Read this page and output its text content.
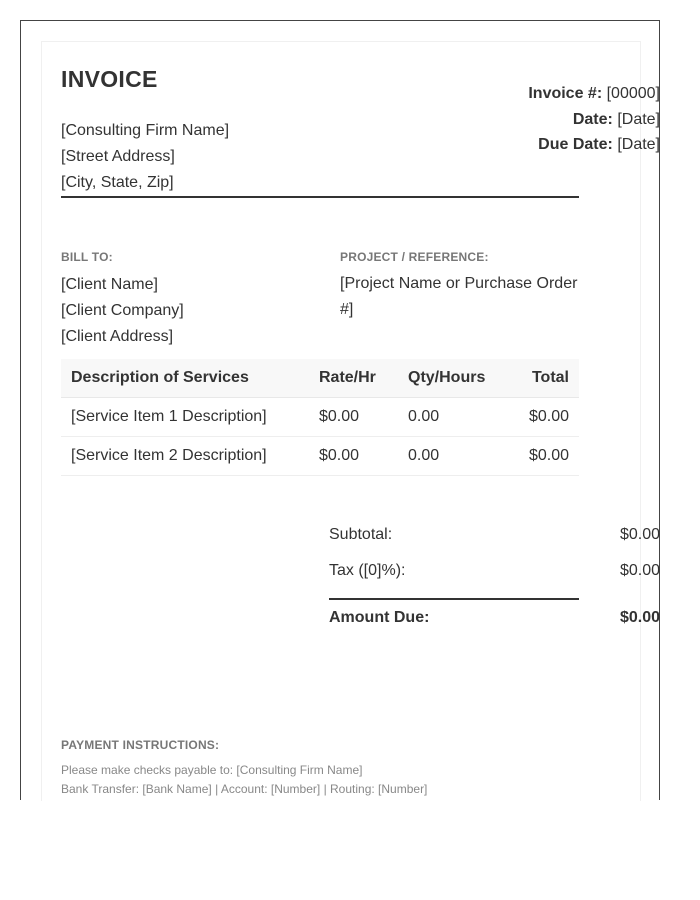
INVOICE
[Consulting Firm Name]
[Street Address]
[City, State, Zip]
Invoice #: [00000]
Date: [Date]
Due Date: [Date]
BILL TO:
[Client Name]
[Client Company]
[Client Address]
PROJECT / REFERENCE:
[Project Name or Purchase Order #]
Description of Services	Rate/Hr	Qty/Hours	Total
[Service Item 1 Description]	$0.00	0.00	$0.00
[Service Item 2 Description]	$0.00	0.00	$0.00
Subtotal:	$0.00
Tax ([0]%):	$0.00
Amount Due:	$0.00
PAYMENT INSTRUCTIONS:
Please make checks payable to: [Consulting Firm Name]
Bank Transfer: [Bank Name] | Account: [Number] | Routing: [Number]
